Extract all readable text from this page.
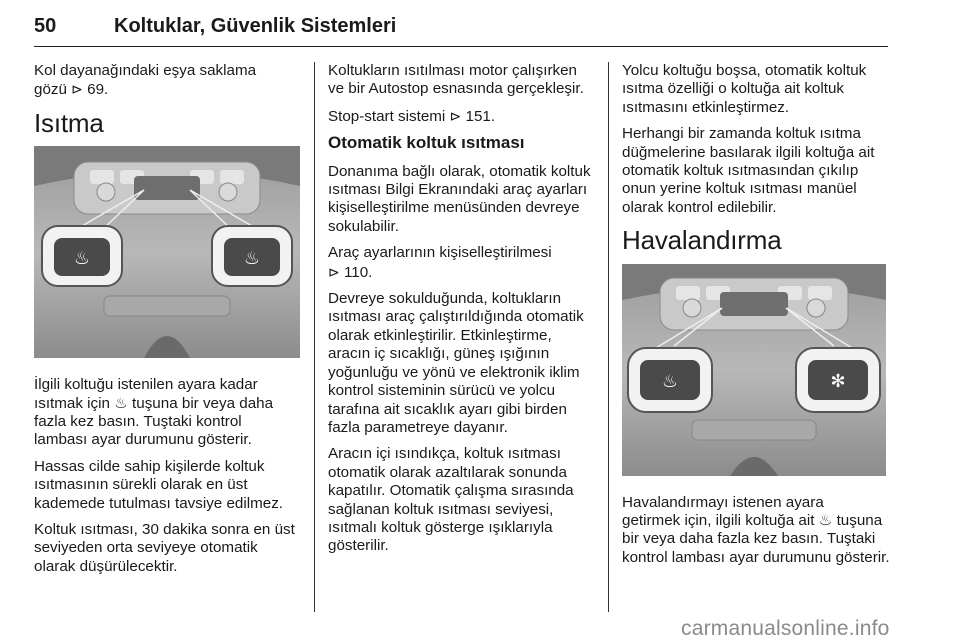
50	Koltuklar, Güvenlik Sistemleri

Kol dayanağındaki eşya saklama
gözü ⊳ 69.

Isıtma
♨	♨

İlgili koltuğu istenilen ayara kadar
ısıtmak için ♨ tuşuna bir veya daha
fazla kez basın. Tuştaki kontrol
lambası ayar durumunu gösterir.

Hassas cilde sahip kişilerde koltuk ısıtmasının sürekli olarak en üst kademede tutulması tavsiye edilmez.

Koltuk ısıtması, 30 dakika sonra en üst seviyeden orta seviyeye otomatik olarak düşürülecektir.

Koltukların ısıtılması motor çalışırken ve bir Autostop esnasında gerçekleşir.

Stop-start sistemi ⊳ 151.

Otomatik koltuk ısıtması

Donanıma bağlı olarak, otomatik koltuk ısıtması Bilgi Ekranındaki araç ayarları kişiselleştirilme menüsünden devreye sokulabilir.

Araç ayarlarının kişiselleştirilmesi
⊳ 110.

Devreye sokulduğunda, koltukların ısıtması araç çalıştırıldığında otomatik olarak etkinleştirilir. Etkinleştirme, aracın iç sıcaklığı, güneş ışığının yoğunluğu ve yönü ve elektronik iklim kontrol sisteminin sürücü ve yolcu tarafına ait sıcaklık ayarı gibi birden fazla parametreye dayanır.

Aracın içi ısındıkça, koltuk ısıtması otomatik olarak azaltılarak sonunda kapatılır. Otomatik çalışma sırasında sağlanan koltuk ısıtması seviyesi, ısıtmalı koltuk gösterge ışıklarıyla gösterilir.

Yolcu koltuğu boşsa, otomatik koltuk ısıtma özelliği o koltuğa ait koltuk ısıtmasını etkinleştirmez.

Herhangi bir zamanda koltuk ısıtma düğmelerine basılarak ilgili koltuğa ait otomatik koltuk ısıtmasından çıkılıp onun yerine koltuk ısıtması manüel olarak kontrol edilebilir.

Havalandırma
♨	✻

Havalandırmayı istenen ayara
getirmek için, ilgili koltuğa ait ♨ tuşuna bir veya daha fazla kez basın. Tuştaki kontrol lambası ayar durumunu gösterir.

carmanualsonline.info
